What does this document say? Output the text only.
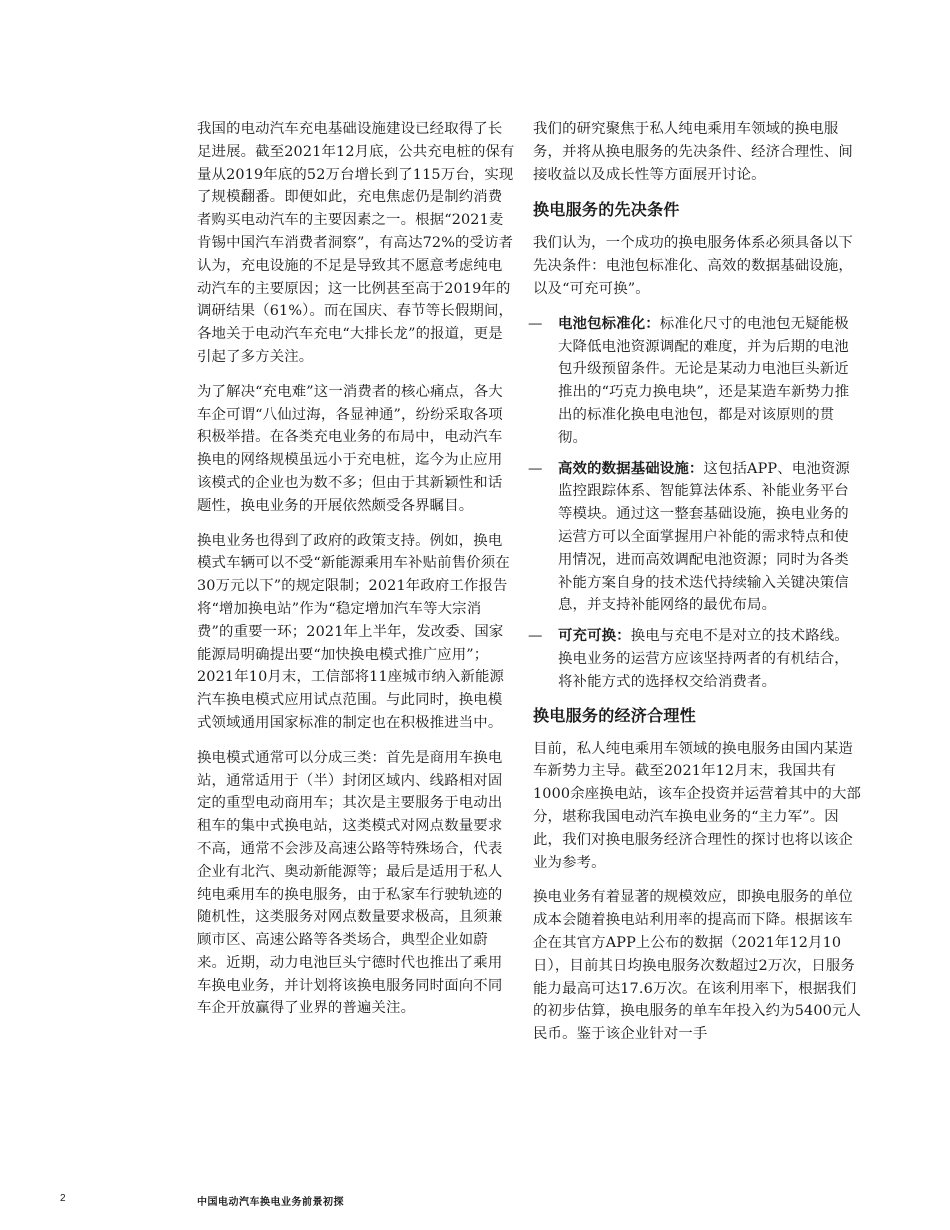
我国的电动汽车充电基础设施建设已经取得了长足进展。截至2021年12月底，公共充电桩的保有量从2019年底的52万台增长到了115万台，实现了规模翻番。即便如此，充电焦虑仍是制约消费者购买电动汽车的主要因素之一。根据“2021麦肯锡中国汽车消费者洞察”，有高达72%的受访者认为，充电设施的不足是导致其不愿意考虑纯电动汽车的主要原因；这一比例甚至高于2019年的调研结果（61%）。而在国庆、春节等长假期间，各地关于电动汽车充电“大排长龙”的报道，更是引起了多方关注。

为了解决“充电难”这一消费者的核心痛点，各大车企可谓“八仙过海，各显神通”，纷纷采取各项积极举措。在各类充电业务的布局中，电动汽车换电的网络规模虽远小于充电桩，迄今为止应用该模式的企业也为数不多；但由于其新颖性和话题性，换电业务的开展依然颇受各界瞩目。

换电业务也得到了政府的政策支持。例如，换电模式车辆可以不受“新能源乘用车补贴前售价须在30万元以下”的规定限制；2021年政府工作报告将“增加换电站”作为“稳定增加汽车等大宗消费”的重要一环；2021年上半年，发改委、国家能源局明确提出要“加快换电模式推广应用”；2021年10月末，工信部将11座城市纳入新能源汽车换电模式应用试点范围。与此同时，换电模式领域通用国家标准的制定也在积极推进当中。

换电模式通常可以分成三类：首先是商用车换电站，通常适用于（半）封闭区域内、线路相对固定的重型电动商用车；其次是主要服务于电动出租车的集中式换电站，这类模式对网点数量要求不高，通常不会涉及高速公路等特殊场合，代表企业有北汽、奥动新能源等；最后是适用于私人纯电乘用车的换电服务，由于私家车行驶轨迹的随机性，这类服务对网点数量要求极高，且须兼顾市区、高速公路等各类场合，典型企业如蔚来。近期，动力电池巨头宁德时代也推出了乘用车换电业务，并计划将该换电服务同时面向不同车企开放赢得了业界的普遍关注。

我们的研究聚焦于私人纯电乘用车领域的换电服务，并将从换电服务的先决条件、经济合理性、间接收益以及成长性等方面展开讨论。

换电服务的先决条件

我们认为，一个成功的换电服务体系必须具备以下先决条件：电池包标准化、高效的数据基础设施，以及“可充可换”。

—	电池包标准化：标准化尺寸的电池包无疑能极大降低电池资源调配的难度，并为后期的电池包升级预留条件。无论是某动力电池巨头新近推出的“巧克力换电块”，还是某造车新势力推出的标准化换电电池包，都是对该原则的贯彻。
—	高效的数据基础设施：这包括APP、电池资源监控跟踪体系、智能算法体系、补能业务平台等模块。通过这一整套基础设施，换电业务的运营方可以全面掌握用户补能的需求特点和使用情况，进而高效调配电池资源；同时为各类补能方案自身的技术迭代持续输入关键决策信息，并支持补能网络的最优布局。
—	可充可换：换电与充电不是对立的技术路线。换电业务的运营方应该坚持两者的有机结合，将补能方式的选择权交给消费者。
换电服务的经济合理性

目前，私人纯电乘用车领域的换电服务由国内某造车新势力主导。截至2021年12月末，我国共有1000余座换电站，该车企投资并运营着其中的大部分，堪称我国电动汽车换电业务的“主力军”。因此，我们对换电服务经济合理性的探讨也将以该企业为参考。

换电业务有着显著的规模效应，即换电服务的单位成本会随着换电站利用率的提高而下降。根据该车企在其官方APP上公布的数据（2021年12月10日），目前其日均换电服务次数超过2万次，日服务能力最高可达17.6万次。在该利用率下，根据我们的初步估算，换电服务的单车年投入约为5400元人民币。鉴于该企业针对一手

2	中国电动汽车换电业务前景初探
